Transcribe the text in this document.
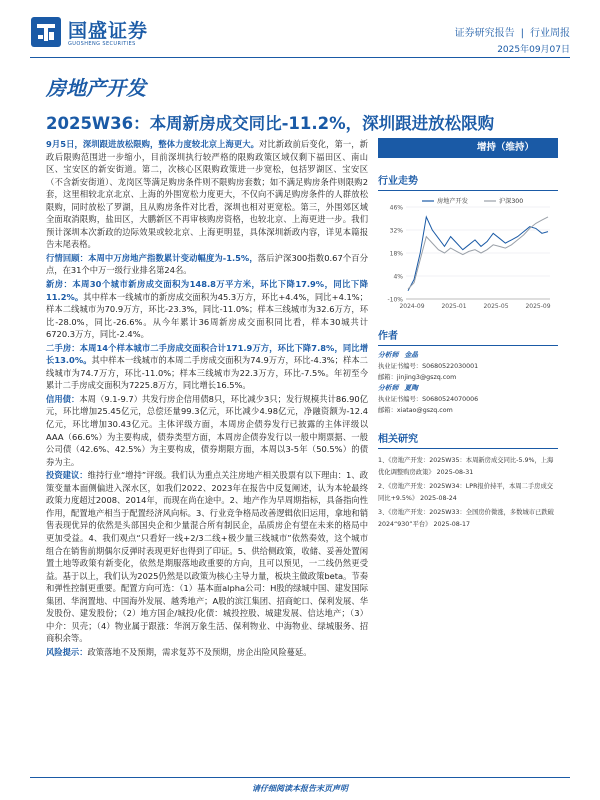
国盛证券
GUOSHENG SECURITIES
证券研究报告 | 行业周报
2025年09月07日
房地产开发
2025W36：本周新房成交同比-11.2%，深圳跟进放松限购

9月5日，深圳跟进放松限购，整体力度较北京上海更大。对比新政前后变化，第一，新政后限购范围进一步缩小，目前深圳执行较严格的限购政策区域仅剩下福田区、南山区、宝安区的新安街道。第二，次核心区限购政策进一步宽松，包括罗湖区、宝安区（不含新安街道）、龙岗区等满足购房条件则不限购房套数；如不满足购房条件则限购2套，这里相较北京北京、上海的外围宽松力度更大，不仅向不满足购房条件的人群放松限购，同时放松了罗湖，且从购房条件对比看，深圳也相对更宽松。第三，外围郊区域全面取消限购，盐田区，大鹏新区不再审核购房资格，也较北京、上海更进一步。我们预计深圳本次新政的边际效果或较北京、上海更明显，具体深圳新政内容，详见本篇报告末尾表格。

行情回顾：本周中万房地产指数累计变动幅度为-1.5%，落后沪深300指数0.67个百分点，在31个中万一级行业排名第24名。

新房：本周30个城市新房成交面积为148.8万平方米，环比下降17.9%，同比下降11.2%。其中样本一线城市的新房成交面积为45.3万方，环比+4.4%，同比+4.1%；样本二线城市为70.9万方，环比-23.3%，同比-11.0%；样本三线城市为32.6万方，环比-28.0%，同比-26.6%。从今年累计36周新房成交面积同比看，样本30城共计6720.3万方，同比-2.4%。

二手房：本周14个样本城市二手房成交面积合计171.9万方，环比下降7.8%，同比增长13.0%。其中样本一线城市的本周二手房成交面积为74.9万方，环比-4.3%；样本二线城市为74.7万方，环比-11.0%；样本三线城市为22.3万方，环比-7.5%。年初至今累计二手房成交面积为7225.8万方，同比增长16.5%。

信用债：本周（9.1-9.7）共发行房企信用债8只，环比减少3只；发行规模共计86.90亿元，环比增加25.45亿元，总偿还量99.3亿元，环比减少4.98亿元，净融资额为-12.4亿元，环比增加30.43亿元。主体评级方面，本周房企债券发行已披露的主体评级以AAA（66.6%）为主要构成，债券类型方面，本周房企债券发行以一般中期票据、一般公司债（42.6%、42.5%）为主要构成，债券期限方面，本周以3-5年（50.5%）的债券为主。

投资建议：维持行业“增持”评级。我们认为重点关注房地产相关股票有以下理由：1、政策变量本面侧偏进入深水区，如我们2022、2023年在报告中反复阐述，认为本轮最终政策力度超过2008、2014年，而现在尚在途中。2、地产作为早周期指标，具备指向性作用，配置地产相当于配置经济风向标。3、行业竞争格局改善逻辑依旧运用，拿地和销售表现优异的依然是头部国央企和少量混合所有制民企，品质房企有望在未来的格局中更加受益。4、我们观点“只看好一线+2/3二线+极少量三线城市”依然奏效，这个城市组合在销售前期偶尔反弹时表现更好也得到了印证。5、供给侧政策，收储、妥善处置闲置土地等政策有新变化，依然是期服落地政重要的方向，且可以预见，一二线仍然更受益。基于以上，我们认为2025仍然是以政策为核心主导力量，板块主做政策beta。节奏和弹性控制更重要。配置方向可选：（1）基本面alpha公司：H股的绿城中国、建发国际集团、华润置地、中国海外发展、越秀地产；A股的滨江集团、招商蛇口、保利发展、华发股份、建发股份；（2）地方国企/城投/化债：城投控股、城建发展、信达地产；（3）中介：贝壳；（4）物业属于跟涨：华润万象生活、保利物业、中海物业、绿城服务、招商积余等。

风险提示：政策落地不及预期，需求复苏不及预期，房企出险风险蔓延。

增持（维持）
行业走势
-10%
4%
18%
32%
46%
2024-09	2025-01	2025-05	2025-09
房地产开发	沪深300
作者
分析师 金晶
执业证书编号：S0680522030001
邮箱：jinjing3@gszq.com
分析师 夏陶
执业证书编号：S0680524070006
邮箱：xiatao@gszq.com
相关研究
1、《房地产开发：2025W35：本周新房成交同比-5.9%，上海优化调整购房政策》 2025-08-31
2、《房地产开发：2025W34：LPR报价持平，本周二手房成交同比+9.5%》 2025-08-24
3、《房地产开发：2025W33：全国房价微涨，多数城市已跌破2024“930”平台》 2025-08-17
请仔细阅读本报告末页声明
